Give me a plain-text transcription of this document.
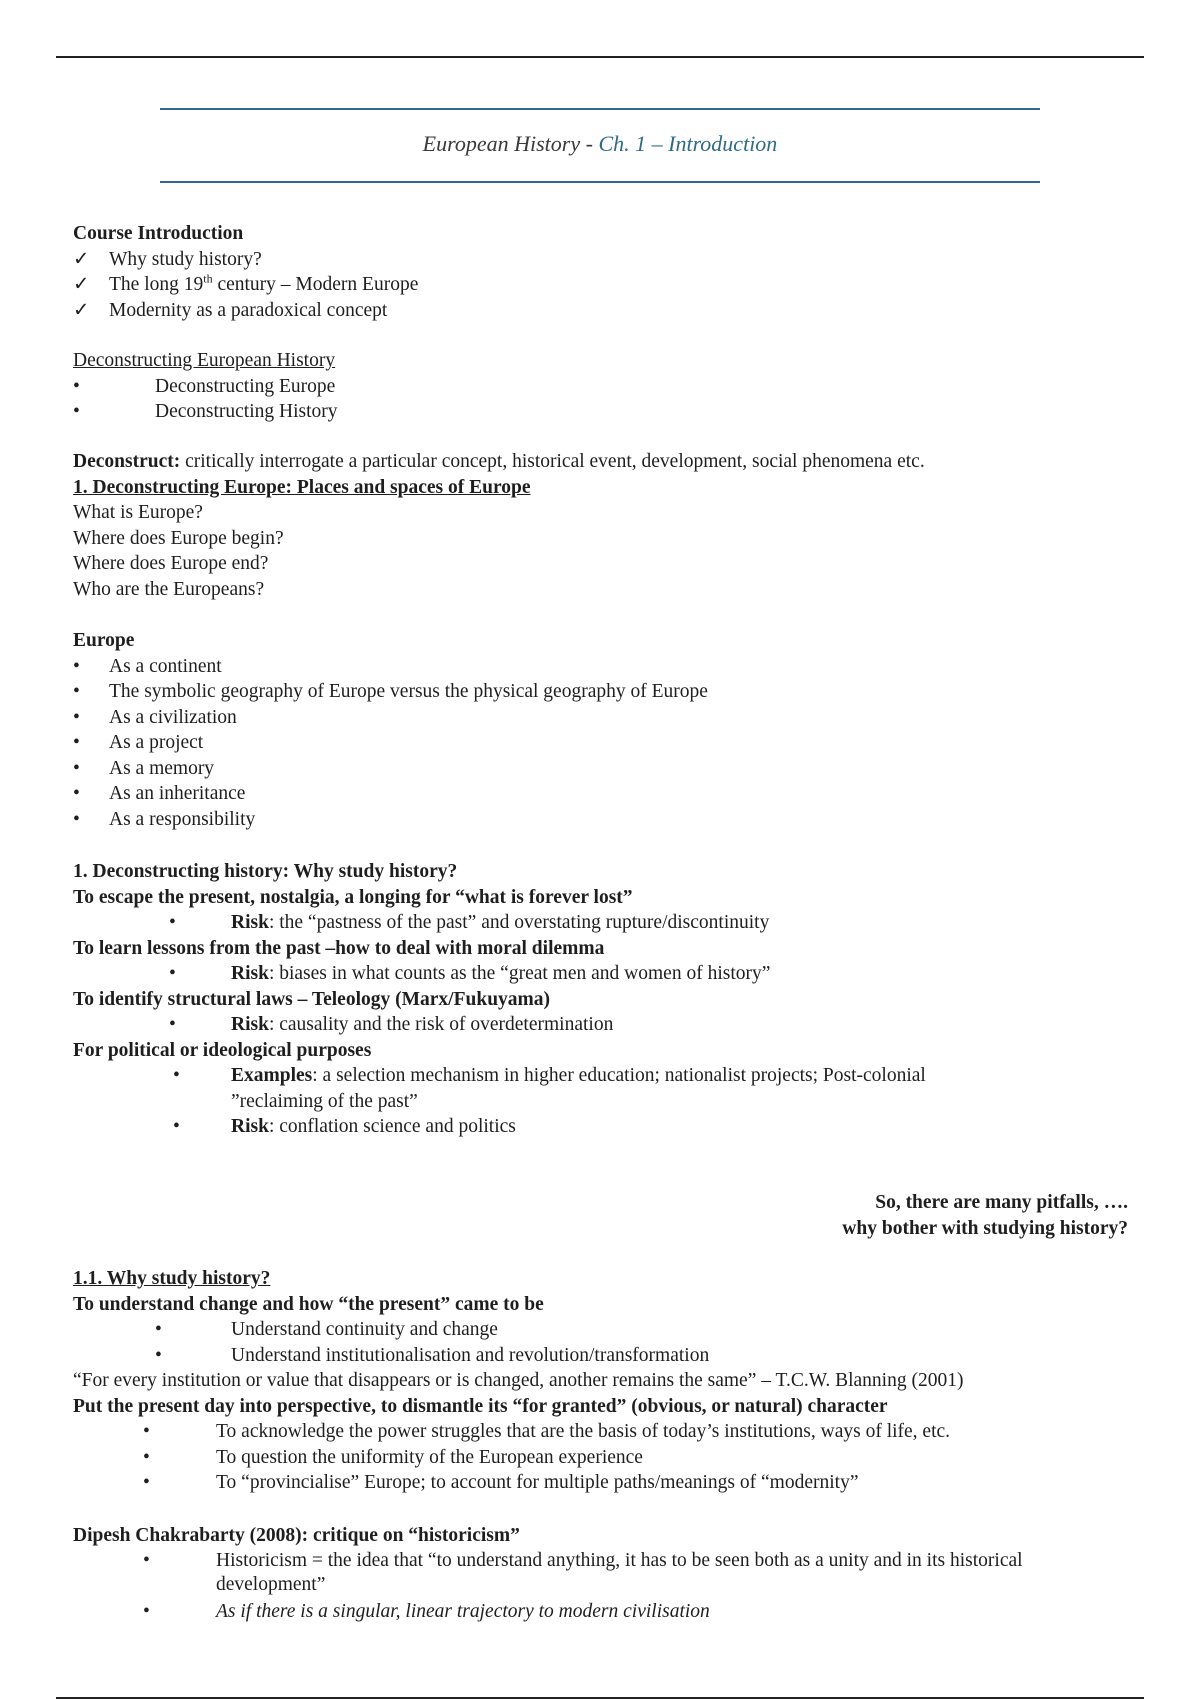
European History - Ch. 1 – Introduction
Course Introduction
✓ Why study history?
✓ The long 19th century – Modern Europe
✓ Modernity as a paradoxical concept
Deconstructing European History
•	Deconstructing Europe
•	Deconstructing History
Deconstruct: critically interrogate a particular concept, historical event, development, social phenomena etc.
1. Deconstructing Europe: Places and spaces of Europe
What is Europe?
Where does Europe begin?
Where does Europe end?
Who are the Europeans?
Europe
• As a continent
• The symbolic geography of Europe versus the physical geography of Europe
• As a civilization
• As a project
• As a memory
• As an inheritance
• As a responsibility
1. Deconstructing history: Why study history?
To escape the present, nostalgia, a longing for “what is forever lost”
•	Risk: the “pastness of the past” and overstating rupture/discontinuity
To learn lessons from the past –how to deal with moral dilemma
•	Risk: biases in what counts as the “great men and women of history”
To identify structural laws – Teleology (Marx/Fukuyama)
•	Risk: causality and the risk of overdetermination
For political or ideological purposes
•	Examples: a selection mechanism in higher education; nationalist projects; Post-colonial
”reclaiming of the past”
•	Risk: conflation science and politics
So, there are many pitfalls, ….
why bother with studying history?
1.1. Why study history?
To understand change and how “the present” came to be
•	Understand continuity and change
•	Understand institutionalisation and revolution/transformation
“For every institution or value that disappears or is changed, another remains the same” – T.C.W. Blanning (2001)
Put the present day into perspective, to dismantle its “for granted” (obvious, or natural) character
•	To acknowledge the power struggles that are the basis of today’s institutions, ways of life, etc.
•	To question the uniformity of the European experience
•	To “provincialise” Europe; to account for multiple paths/meanings of “modernity”
Dipesh Chakrabarty (2008): critique on “historicism”
•	Historicism = the idea that “to understand anything, it has to be seen both as a unity and in its historical development”
•	As if there is a singular, linear trajectory to modern civilisation
